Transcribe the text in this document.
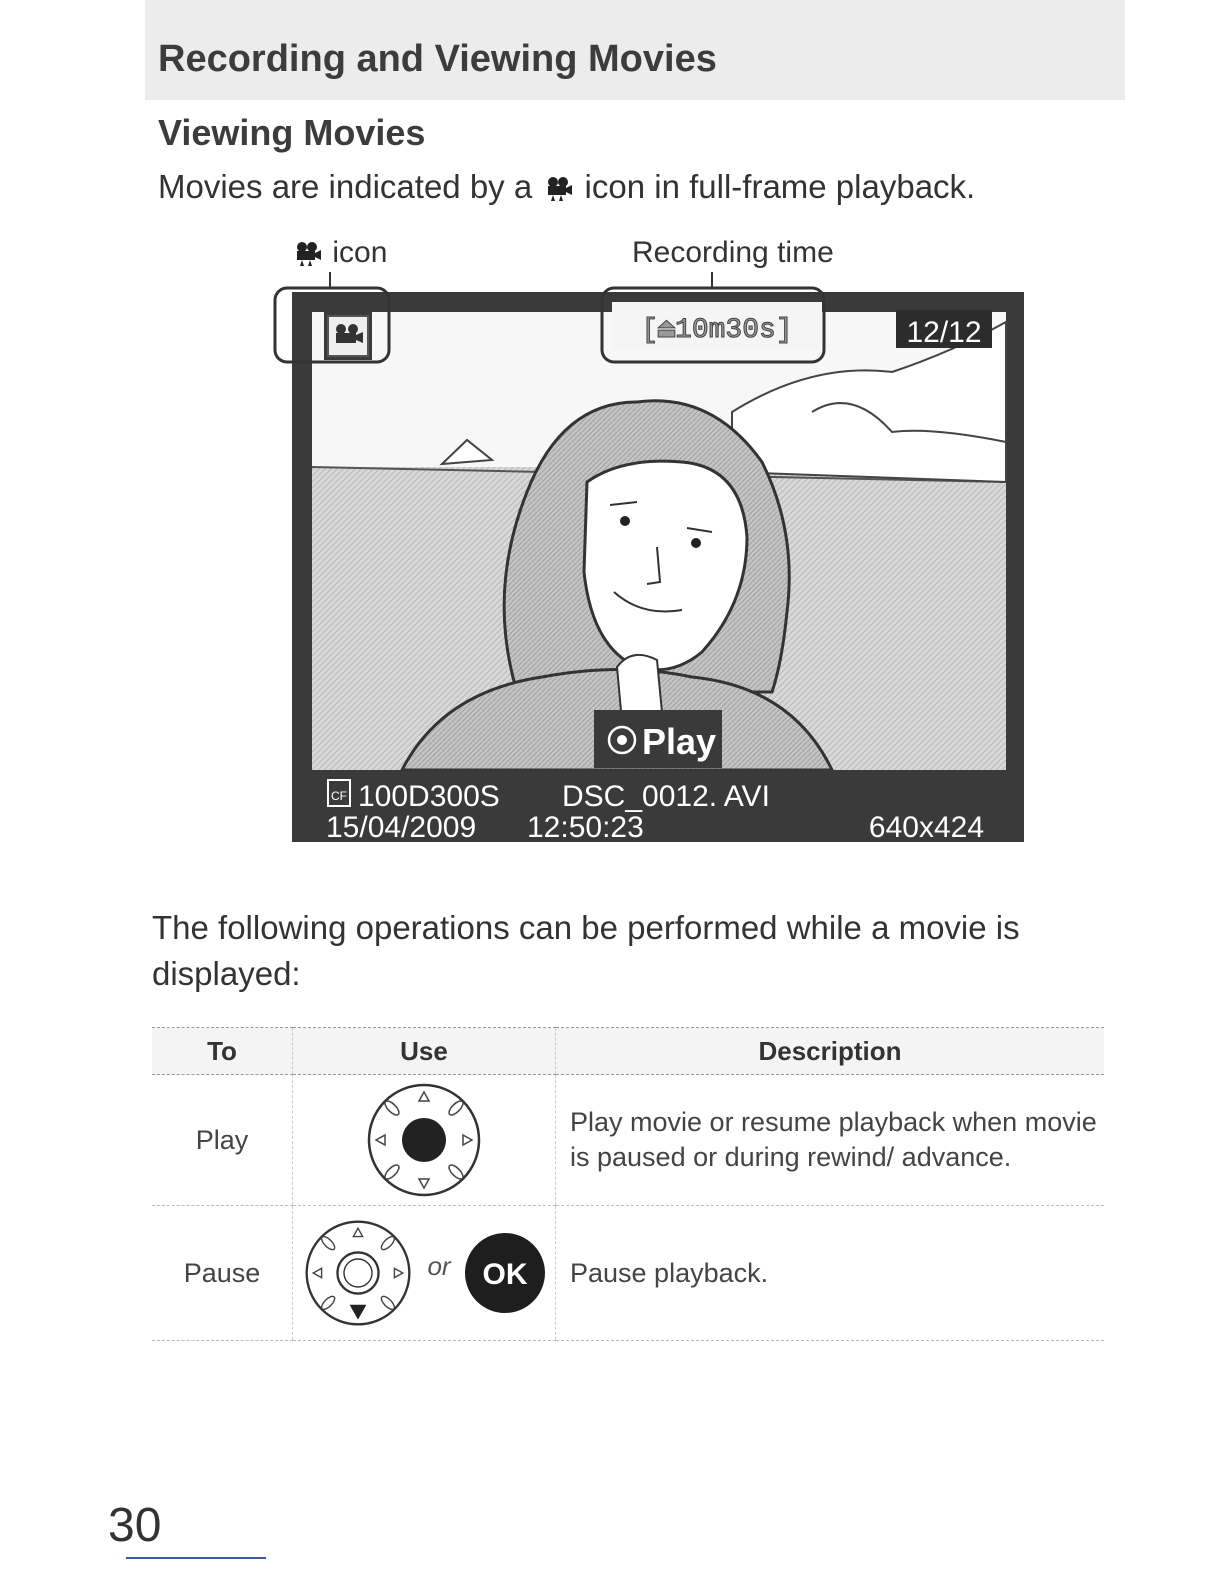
Recording and Viewing Movies
Viewing Movies
Movies are indicated by a icon in full-frame playback.
icon	Recording time
[⏏10m30s]	12/12
Play
CF 100D300S DSC_0012. AVI
15/04/2009 12:50:23	640x424
The following operations can be performed while a movie is displayed:
To	Use	Description
Play		Play movie or resume playback when movie is paused or during rewind/ advance.
Pause	or OK	Pause playback.
30
